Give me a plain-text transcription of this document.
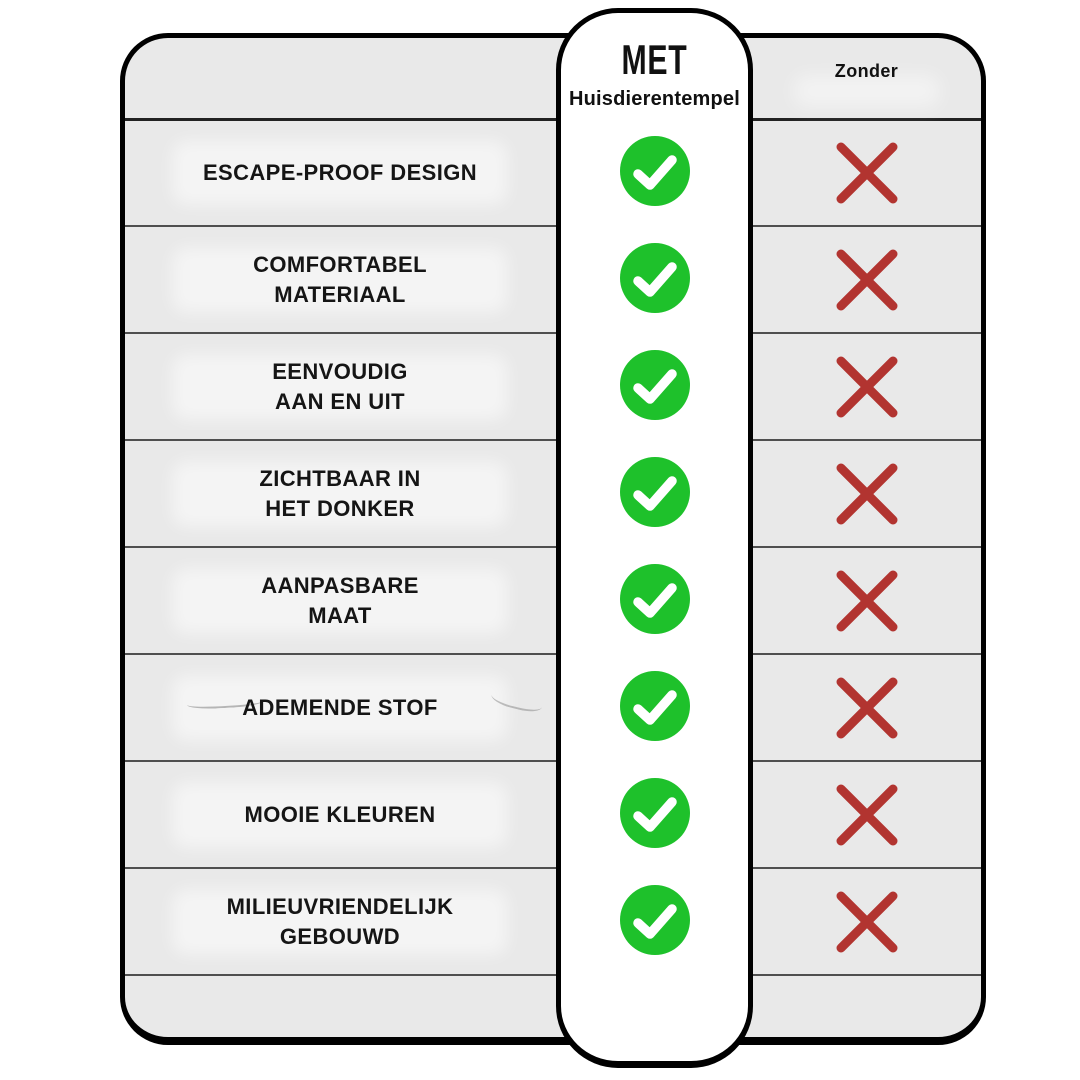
Zonder
ESCAPE-PROOF DESIGN
COMFORTABEL
MATERIAAL
EENVOUDIG
AAN EN UIT
ZICHTBAAR IN
HET DONKER
AANPASBARE
MAAT
ADEMENDE STOF
MOOIE KLEUREN
MILIEUVRIENDELIJK
GEBOUWD
MET
Huisdierentempel
